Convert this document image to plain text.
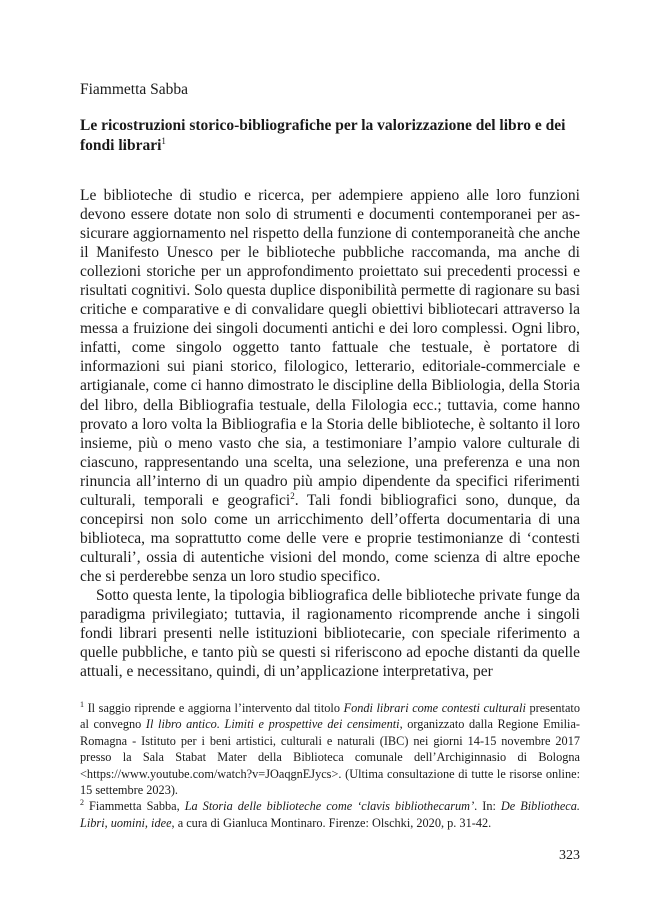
Fiammetta Sabba
Le ricostruzioni storico-bibliografiche per la valorizzazione del libro e dei fondi librari$^1$

Le biblioteche di studio e ricerca, per adempiere appieno alle loro funzioni devono essere dotate non solo di strumenti e documenti contemporanei per assicurare aggiornamento nel rispetto della funzione di contemporaneità che anche il Manifesto Unesco per le biblioteche pubbliche raccomanda, ma anche di collezioni storiche per un approfondimento proiettato sui precedenti processi e risultati cognitivi. Solo questa duplice disponibilità permette di ragionare su basi critiche e comparative e di convalidare quegli obiettivi bibliotecari attraverso la messa a fruizione dei singoli documenti antichi e dei loro complessi. Ogni libro, infatti, come singolo oggetto tanto fattuale che testuale, è portatore di informazioni sui piani storico, filologico, letterario, editoriale-commerciale e artigianale, come ci hanno dimostrato le discipline della Bibliologia, della Storia del libro, della Bibliografia testuale, della Filologia ecc.; tuttavia, come hanno provato a loro volta la Bibliografia e la Storia delle biblioteche, è soltanto il loro insieme, più o meno vasto che sia, a testimoniare l’ampio valore culturale di ciascuno, rappresentando una scelta, una selezione, una preferenza e una non rinuncia all’interno di un quadro più ampio dipendente da specifici riferimenti culturali, temporali e geografici$^2$. Tali fondi bibliografici sono, dunque, da concepirsi non solo come un arricchimento dell’offerta documentaria di una biblioteca, ma soprattutto come delle vere e proprie testimonianze di ‘contesti culturali’, ossia di autentiche visioni del mondo, come scienza di altre epoche che si perderebbe senza un loro studio specifico.

Sotto questa lente, la tipologia bibliografica delle biblioteche private funge da paradigma privilegiato; tuttavia, il ragionamento ricomprende anche i singoli fondi librari presenti nelle istituzioni bibliotecarie, con speciale riferimento a quelle pubbliche, e tanto più se questi si riferiscono ad epoche distanti da quelle attuali, e necessitano, quindi, di un’applicazione interpretativa, per

$^1$ Il saggio riprende e aggiorna l’intervento dal titolo Fondi librari come contesti culturali presentato al convegno Il libro antico. Limiti e prospettive dei censimenti, organizzato dalla Regione Emilia-Romagna - Istituto per i beni artistici, culturali e naturali (IBC) nei giorni 14-15 novembre 2017 presso la Sala Stabat Mater della Biblioteca comunale dell’Archiginnasio di Bologna <https://www.youtube.com/watch?v=JOaqgnEJycs>. (Ultima consultazione di tutte le risorse online: 15 settembre 2023).

$^2$ Fiammetta Sabba, La Storia delle biblioteche come ‘clavis bibliothecarum’. In: De Bibliotheca. Libri, uomini, idee, a cura di Gianluca Montinaro. Firenze: Olschki, 2020, p. 31-42.

323
